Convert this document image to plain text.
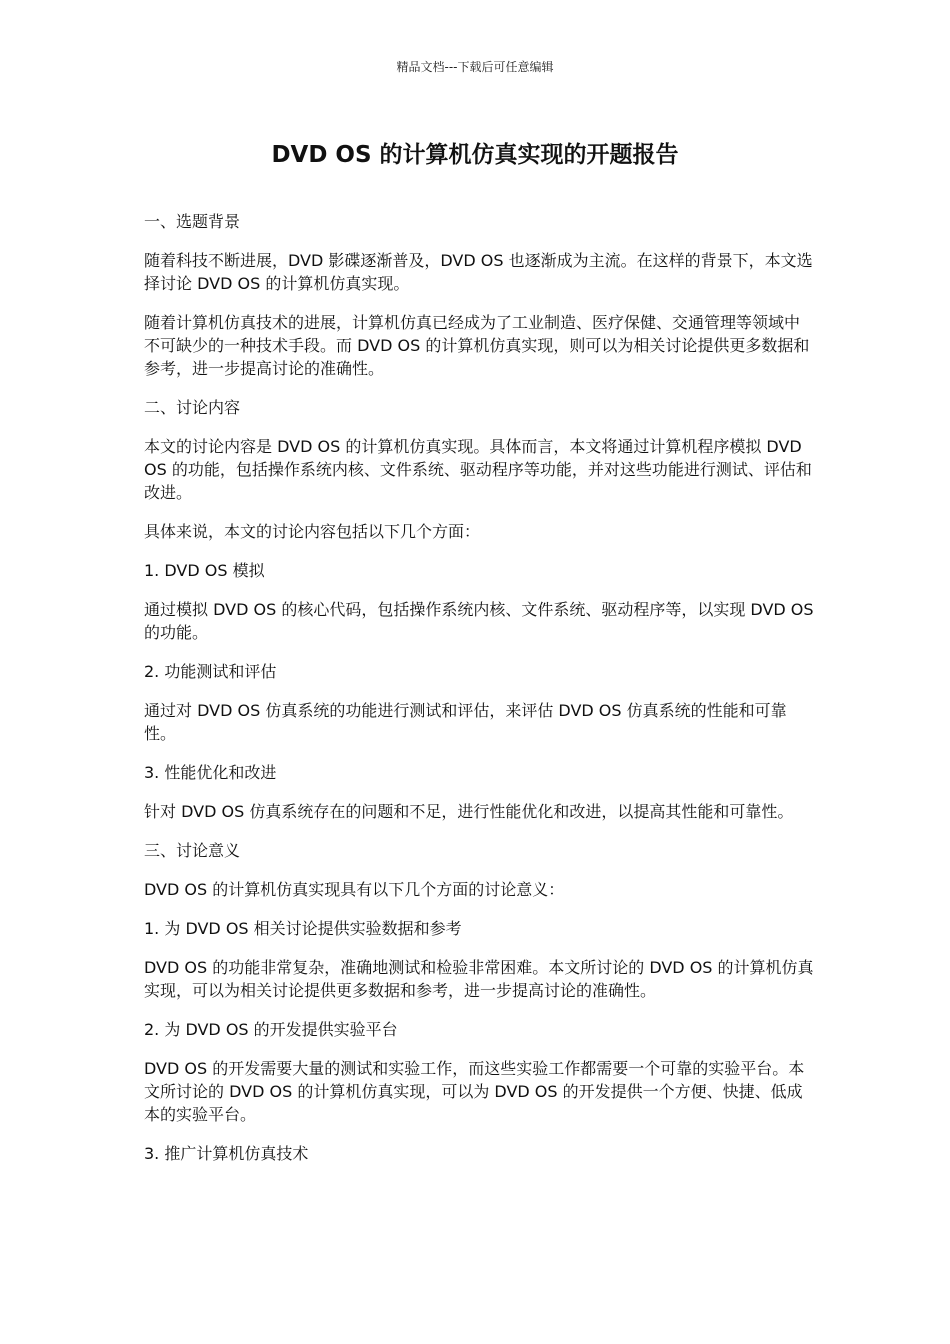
精品文档---下载后可任意编辑
DVD OS 的计算机仿真实现的开题报告

一、选题背景

随着科技不断进展，DVD 影碟逐渐普及，DVD OS 也逐渐成为主流。在这样的背景下，本文选择讨论 DVD OS 的计算机仿真实现。

随着计算机仿真技术的进展，计算机仿真已经成为了工业制造、医疗保健、交通管理等领域中不可缺少的一种技术手段。而 DVD OS 的计算机仿真实现，则可以为相关讨论提供更多数据和参考，进一步提高讨论的准确性。

二、讨论内容

本文的讨论内容是 DVD OS 的计算机仿真实现。具体而言，本文将通过计算机程序模拟 DVD OS 的功能，包括操作系统内核、文件系统、驱动程序等功能，并对这些功能进行测试、评估和改进。

具体来说，本文的讨论内容包括以下几个方面：

1. DVD OS 模拟

通过模拟 DVD OS 的核心代码，包括操作系统内核、文件系统、驱动程序等，以实现 DVD OS 的功能。

2. 功能测试和评估

通过对 DVD OS 仿真系统的功能进行测试和评估，来评估 DVD OS 仿真系统的性能和可靠性。

3. 性能优化和改进

针对 DVD OS 仿真系统存在的问题和不足，进行性能优化和改进，以提高其性能和可靠性。

三、讨论意义

DVD OS 的计算机仿真实现具有以下几个方面的讨论意义：

1. 为 DVD OS 相关讨论提供实验数据和参考

DVD OS 的功能非常复杂，准确地测试和检验非常困难。本文所讨论的 DVD OS 的计算机仿真实现，可以为相关讨论提供更多数据和参考，进一步提高讨论的准确性。

2. 为 DVD OS 的开发提供实验平台

DVD OS 的开发需要大量的测试和实验工作，而这些实验工作都需要一个可靠的实验平台。本文所讨论的 DVD OS 的计算机仿真实现，可以为 DVD OS 的开发提供一个方便、快捷、低成本的实验平台。

3. 推广计算机仿真技术
